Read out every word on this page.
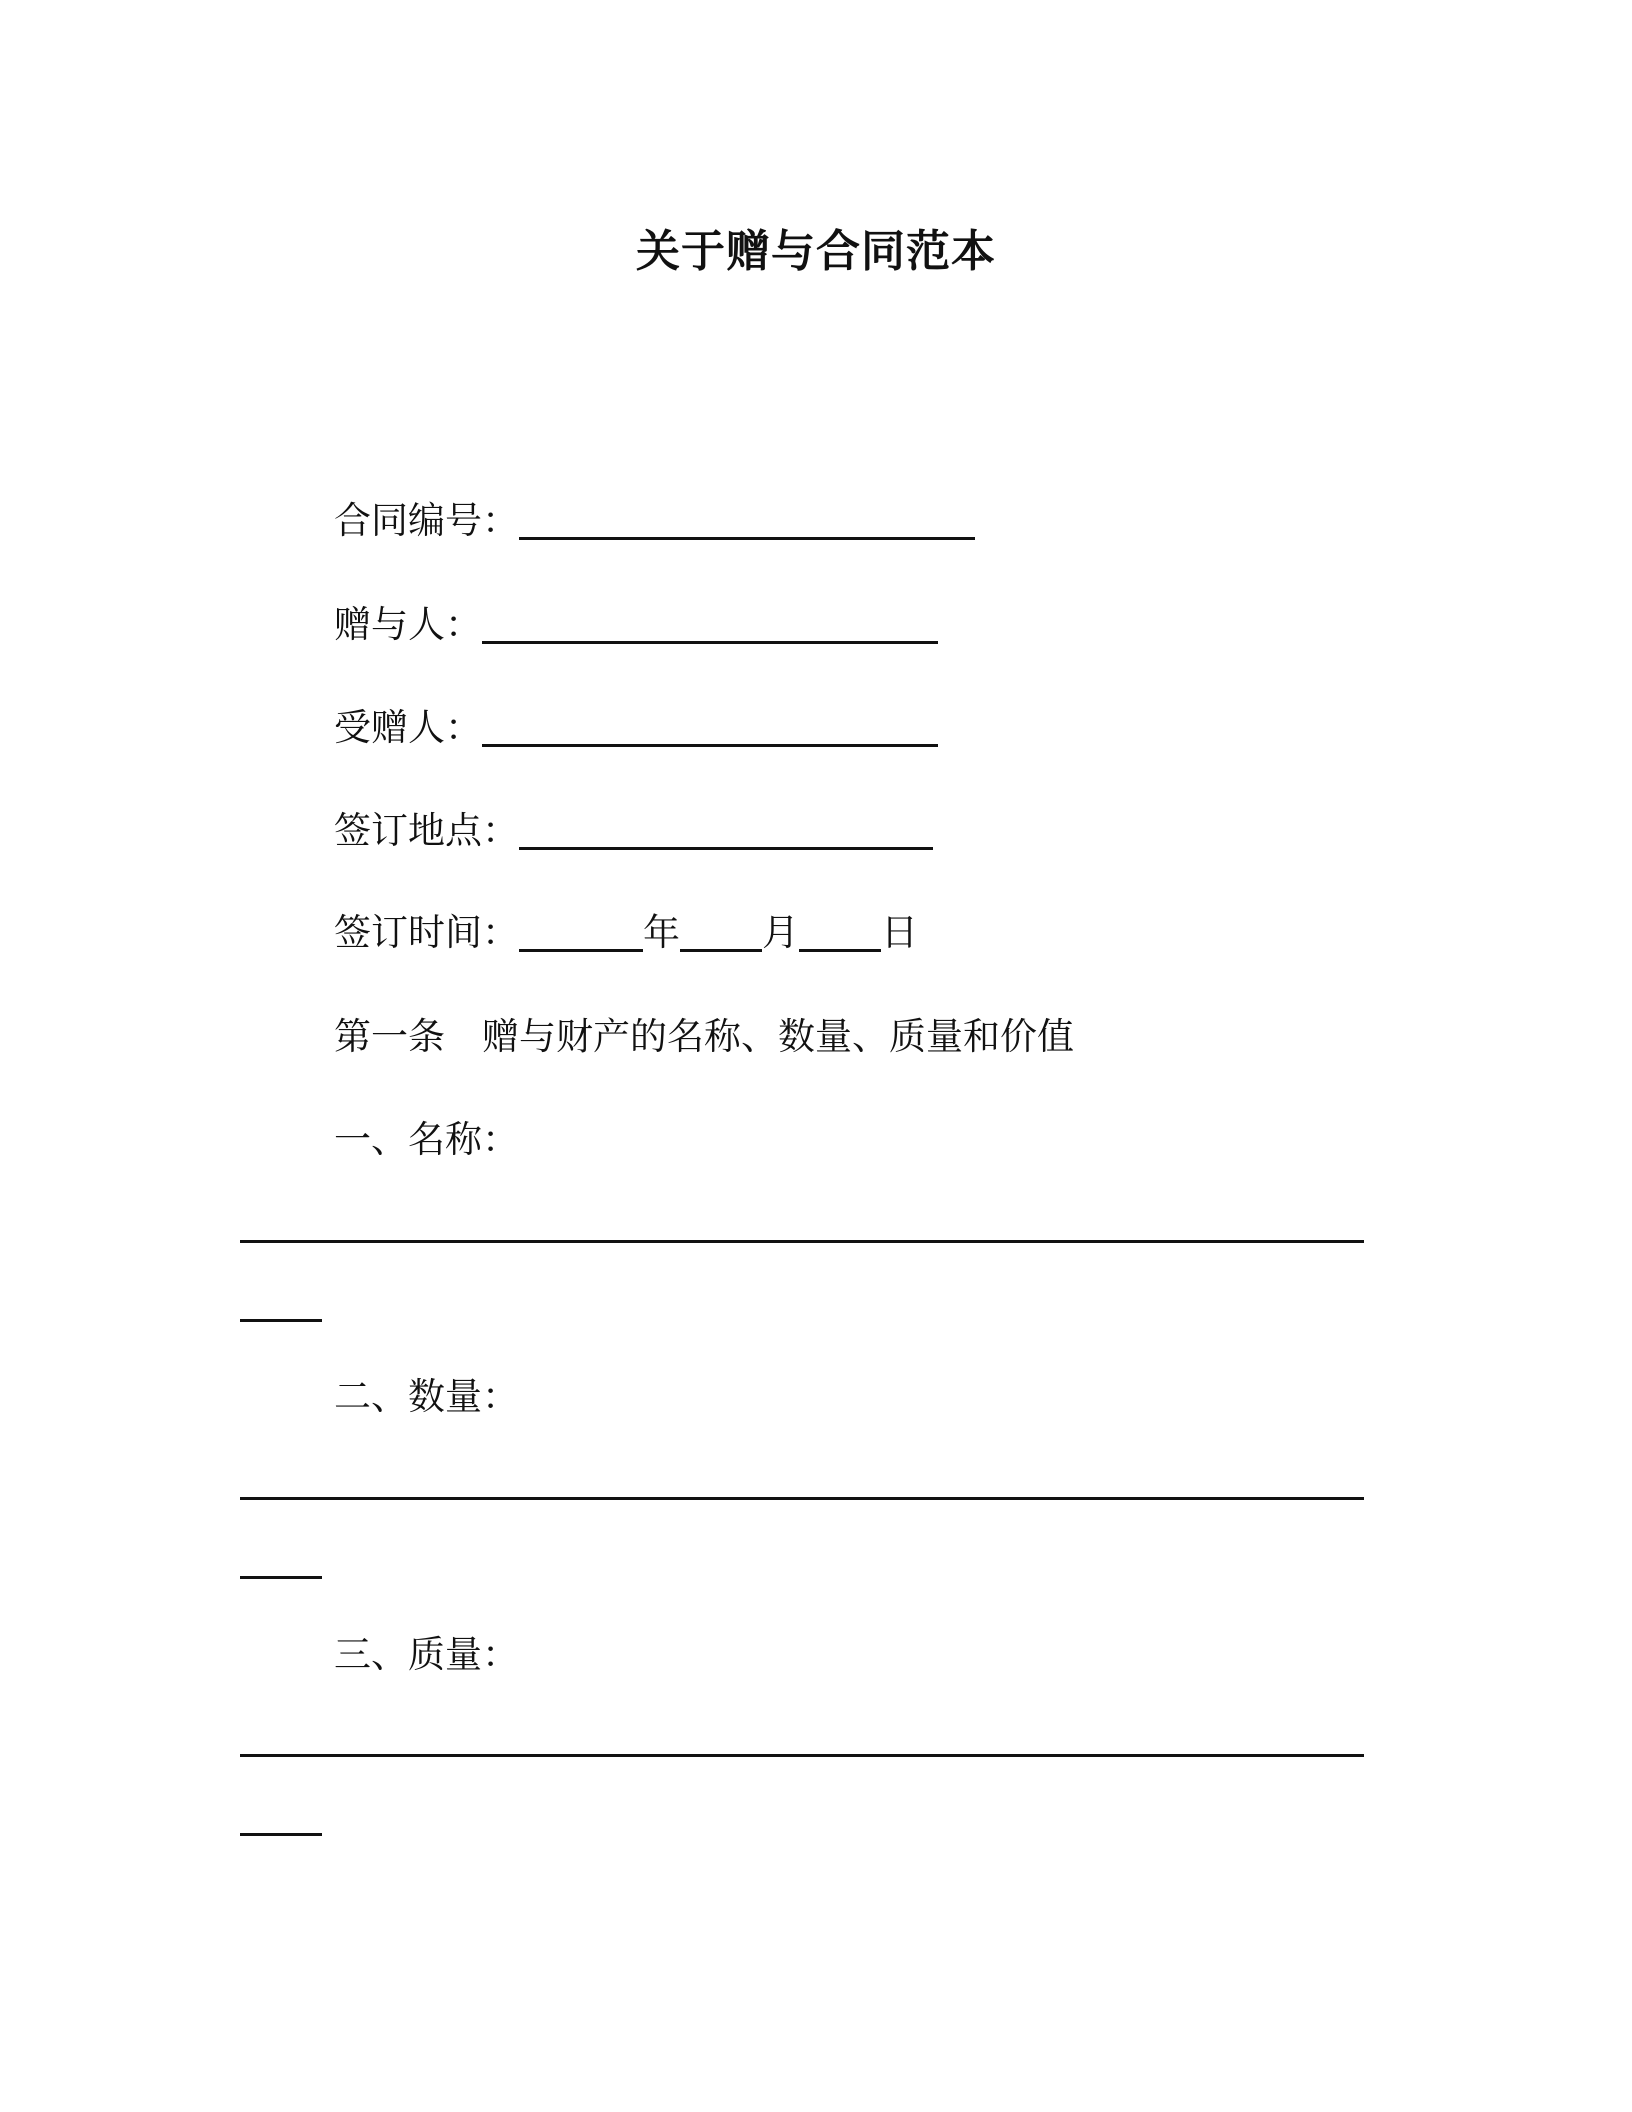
关于赠与合同范本
合同编号：
赠与人：
受赠人：
签订地点：
签订时间：	年 月 日
第一条　赠与财产的名称、数量、质量和价值
一、名称：
二、数量：
三、质量：
